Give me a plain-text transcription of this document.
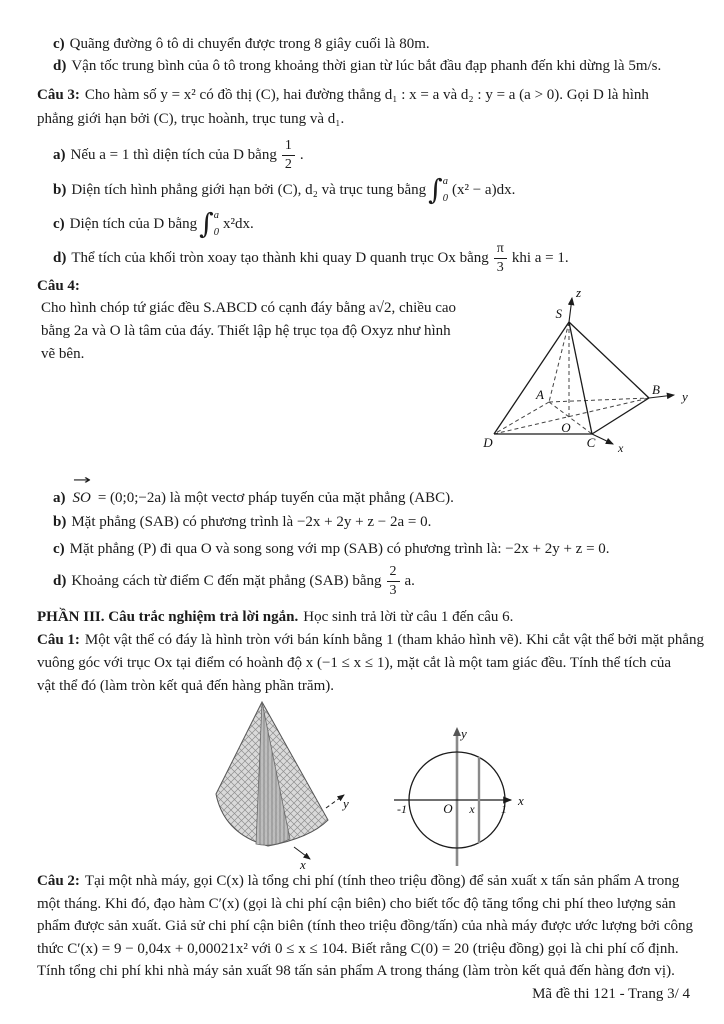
c) Quãng đường ô tô di chuyển được trong 8 giây cuối là 80m.
d) Vận tốc trung bình của ô tô trong khoảng thời gian từ lúc bắt đầu đạp phanh đến khi dừng là 5m/s.
Câu 3: Cho hàm số y = x² có đồ thị (C), hai đường thẳng d₁ : x = a và d₂ : y = a (a > 0). Gọi D là hình
phẳng giới hạn bởi (C), trục hoành, trục tung và d₁.
a) Nếu a = 1 thì diện tích của D bằng $\frac{1}{2}$ .
b) Diện tích hình phẳng giới hạn bởi (C), d₂ và trục tung bằng ∫ a
0
(x² − a)dx .
c) Diện tích của D bằng ∫ a
0
x²dx .
d) Thể tích của khối tròn xoay tạo thành khi quay D quanh trục Ox bằng $\frac{\pi}{3}$ khi a = 1.
Câu 4:
Cho hình chóp tứ giác đều S.ABCD có cạnh đáy bằng a√2, chiều cao
bằng 2a và O là tâm của đáy. Thiết lập hệ trục tọa độ Oxyz như hình
vẽ bên.
z
S
A	B y
O
D	C x
a)
→
SO = (0;0;−2a) là một vectơ pháp tuyến của mặt phẳng (ABC).
b) Mặt phẳng (SAB) có phương trình là −2x + 2y + z − 2a = 0.
c) Mặt phẳng (P) đi qua O và song song với mp (SAB) có phương trình là: −2x + 2y + z = 0.
d) Khoảng cách từ điểm C đến mặt phẳng (SAB) bằng $\frac{2}{3} a$.
PHẦN III. Câu trắc nghiệm trả lời ngắn. Học sinh trả lời từ câu 1 đến câu 6.
Câu 1: Một vật thể có đáy là hình tròn với bán kính bằng 1 (tham khảo hình vẽ). Khi cắt vật thể bởi mặt phẳng
vuông góc với trục Ox tại điểm có hoành độ x (−1 ≤ x ≤ 1), mặt cắt là một tam giác đều. Tính thể tích của
vật thể đó (làm tròn kết quả đến hàng phần trăm).
y
x
y
x
O
-1	1
x
Câu 2: Tại một nhà máy, gọi C(x) là tổng chi phí (tính theo triệu đồng) để sản xuất x tấn sản phẩm A trong
một tháng. Khi đó, đạo hàm C′(x) (gọi là chi phí cận biên) cho biết tốc độ tăng tổng chi phí theo lượng sản
phẩm được sản xuất. Giả sử chi phí cận biên (tính theo triệu đồng/tấn) của nhà máy được ước lượng bởi công
thức C′(x) = 9 − 0,04x + 0,00021x² với 0 ≤ x ≤ 104. Biết rằng C(0) = 20 (triệu đồng) gọi là chi phí cố định.
Tính tổng chi phí khi nhà máy sản xuất 98 tấn sản phẩm A trong tháng (làm tròn kết quả đến hàng đơn vị).
Mã đề thi 121 - Trang 3/ 4
